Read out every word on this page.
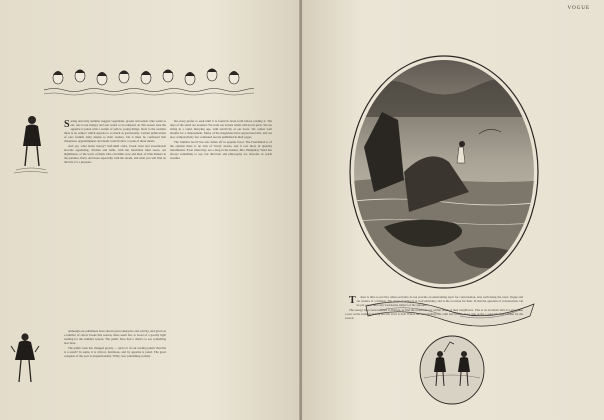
Spring and early summer suggest vegetables, greens and salads. One wants to eat, one is not hungry and one wants to be tempted. At this season tone the appetite is jaded with a surfeit of yellow young things. Next to the weather there is no subject which appeals to so much as gastronomy. Certain publications of ours furnish daily menus to their readers, but it must be confessed that cheapness, appetizingness and death would follow a week of these meals.

And yet, what better luxury? Soft-shell crabs, brook trout and sweetbreads become appetizing, chicken and lamb, with the inevitable mint sauce, are nightmares, or the worst of them. One can think, now and then, of little dinners in the parishes, Paris, and more especially with the salads, and what you will find on the bill; it's a pleasure.

but-every-prefer to seek until it is found in book form before reading it. The days of the serial are doomed. We want our stories whole and not in parts. We are living in a rapid, hurrying age, with electricity at our bows. We cannot wait months for a denouement. Many of the magazines have appreciated this, and are now comparatively few continued novels published in their pages.

The 'number novel' has also fallen off in popular favor. The Frenchman is of the opinion there is no lack of 'lively' stories, and it cost more in quantity installments. Even when they are a drug in the market, Mrs. Humphrey Ward has always something to say, but direction and philosophy are tiresome in warm weather.

Although our publishers have shown great enterprise and activity, and given us a number of clever books this season, there seem few to boast of a goodly light reading for the summer season. The public have had a chance to see something new here.

The public taste has changed greatly — and is it of our reading public that this is a result? In some, it is critical, fastidious, and by appetite is jaded. The great conquest of the year is unquestionably Trilby, now publishing serially.

VOGUE

T here is time to not live where servants do not provide an entertaining topic for conversation, and, each being the town, Vogue and set readers of a fashion. The range of subjects is overwhelming, and is the occasion for their. In this the question of conversation can be put a new and very wearisome subject of the question.

The energy have been induced to Europe, to find the mountain-top within reach of their neighbours. This is an excellent time for all to take a rest, as the summer is long and the town is dull. Where the surroundings are calm and restful, those who prefer a quiet life find a home for the season.
